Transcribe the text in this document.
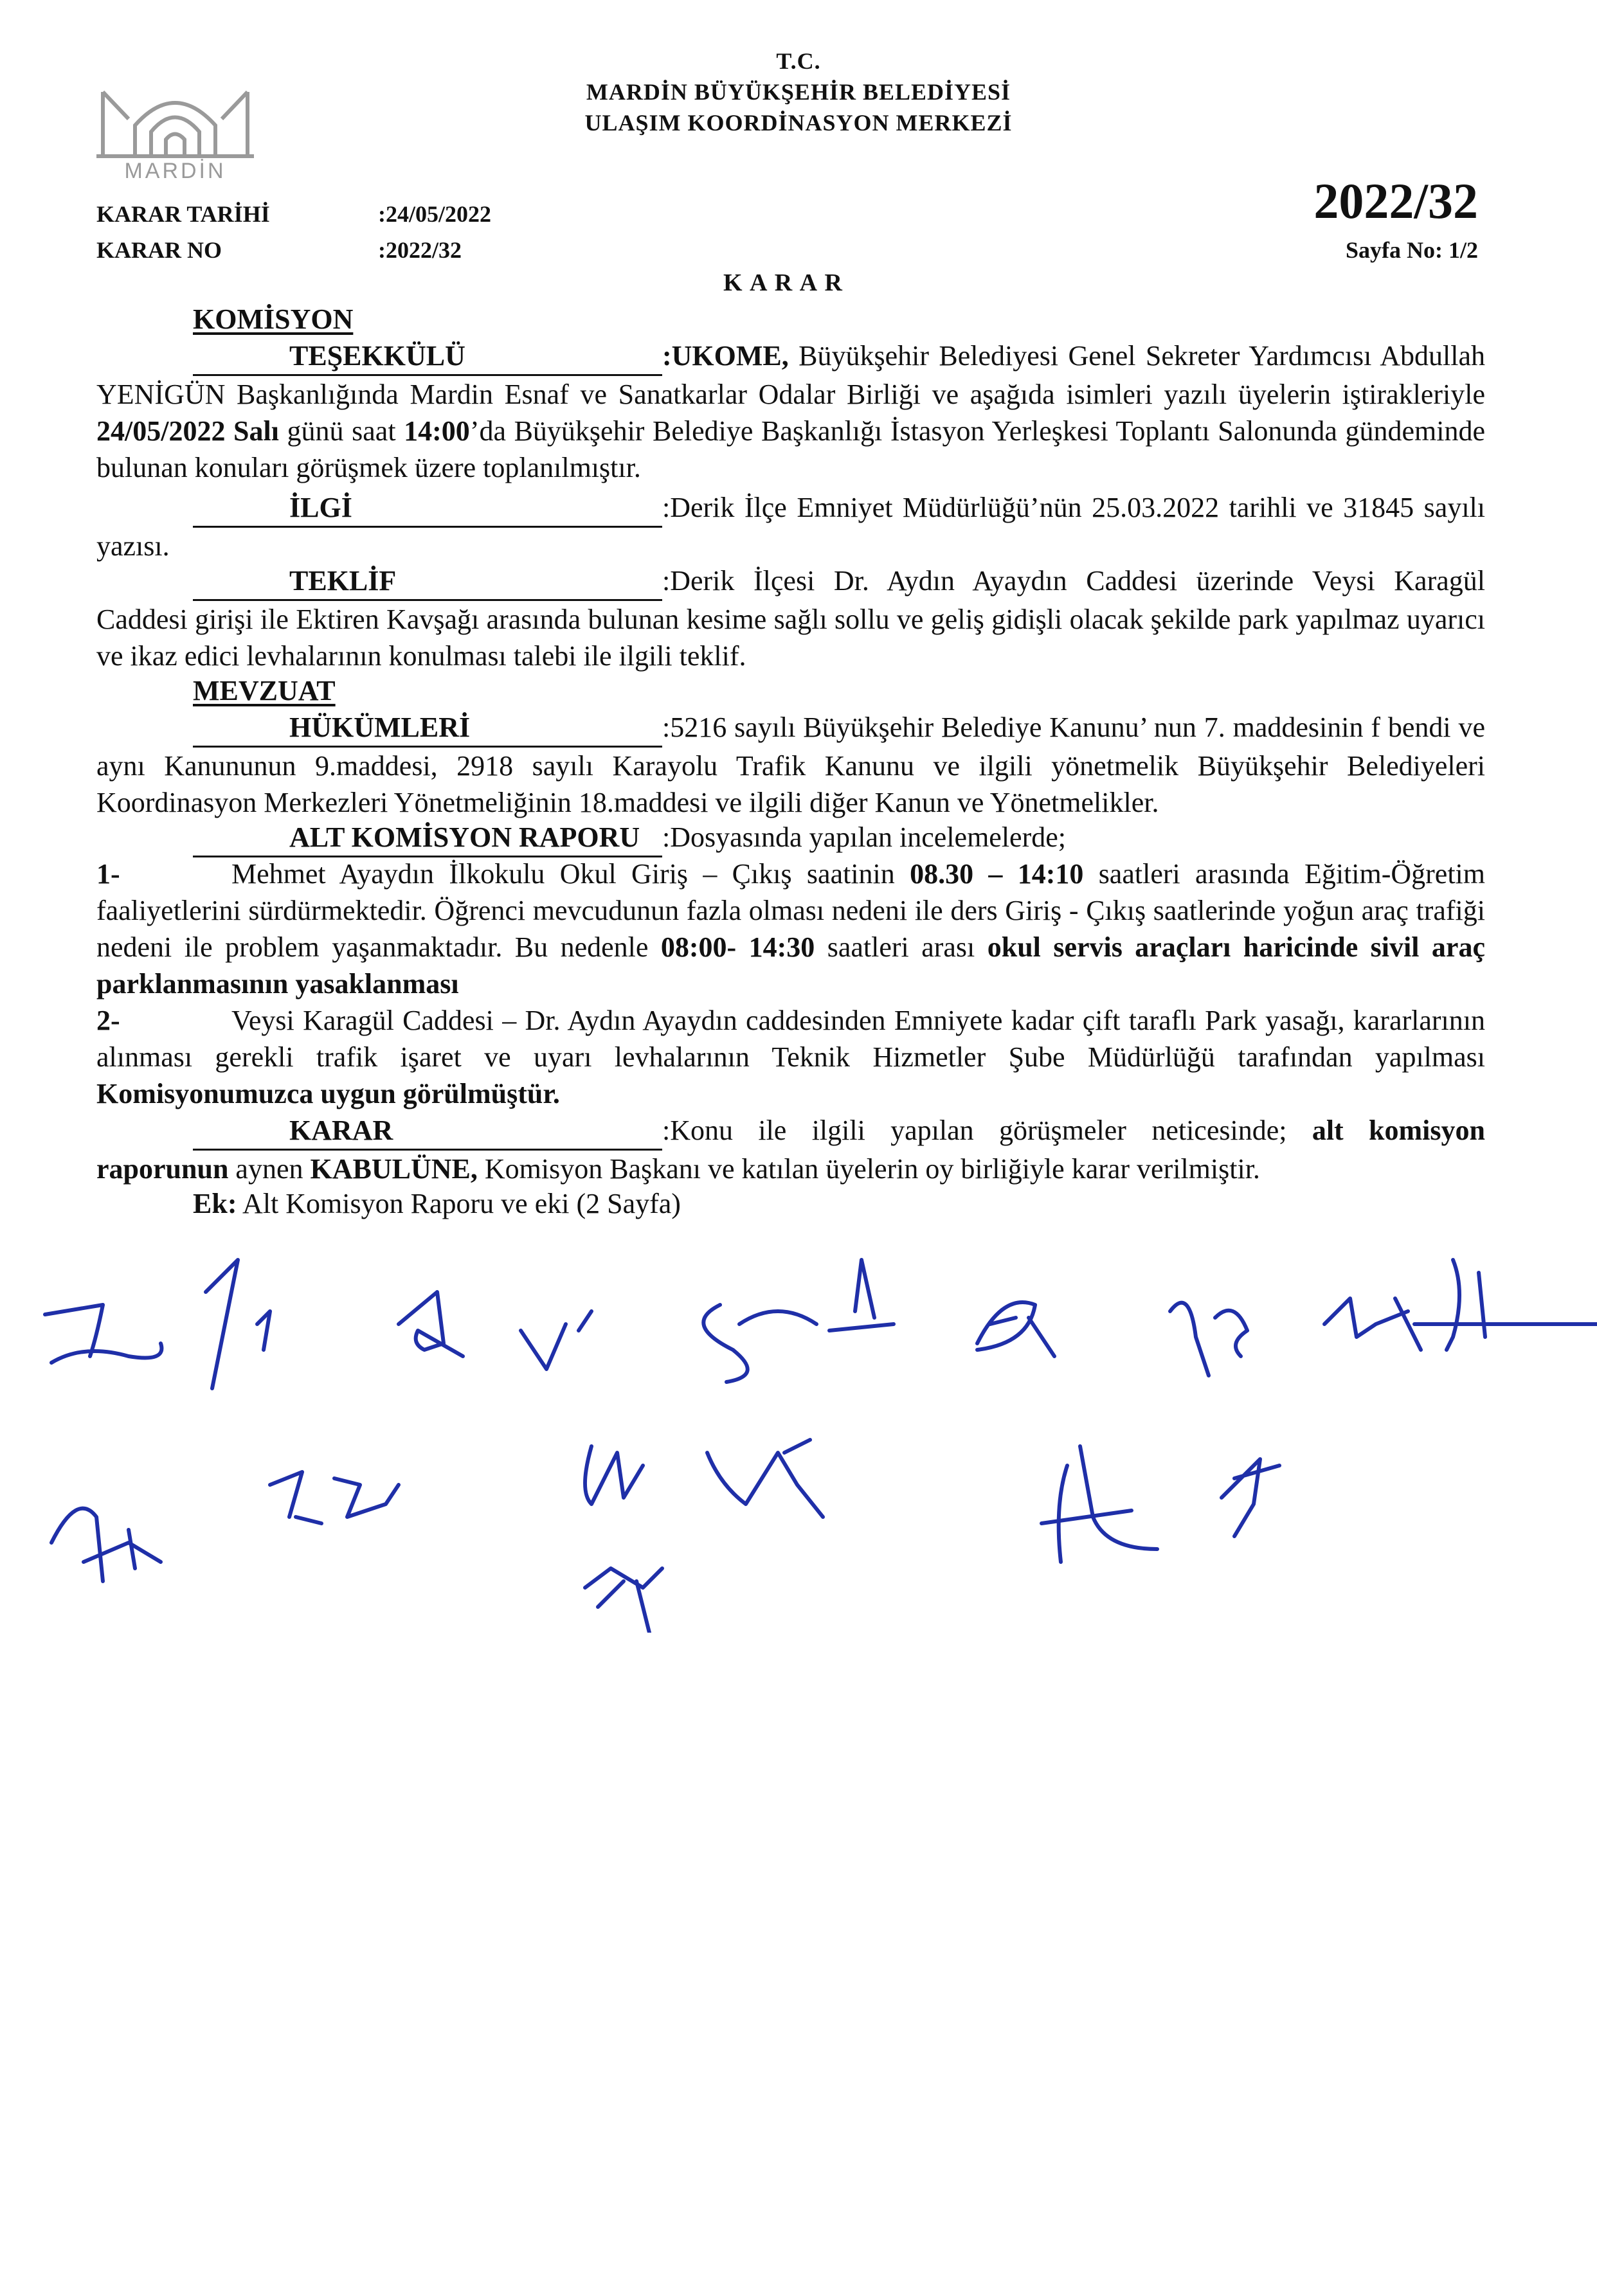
MARDİN
T.C.
MARDİN BÜYÜKŞEHİR BELEDİYESİ
ULAŞIM KOORDİNASYON MERKEZİ
KARAR TARİHİ	:24/05/2022
KARAR NO	:2022/32
2022/32
Sayfa No: 1/2
K A R A R
KOMİSYON
TEŞEKKÜLÜ	:UKOME, Büyükşehir Belediyesi Genel Sekreter Yardımcısı Abdullah YENİGÜN Başkanlığında Mardin Esnaf ve Sanatkarlar Odalar Birliği ve aşağıda isimleri yazılı üyelerin iştirakleriyle 24/05/2022 Salı günü saat 14:00’da Büyükşehir Belediye Başkanlığı İstasyon Yerleşkesi Toplantı Salonunda gündeminde bulunan konuları görüşmek üzere toplanılmıştır.
İLGİ	:Derik İlçe Emniyet Müdürlüğü’nün 25.03.2022 tarihli ve 31845 sayılı yazısı.
TEKLİF	:Derik İlçesi Dr. Aydın Ayaydın Caddesi üzerinde Veysi Karagül Caddesi girişi ile Ektiren Kavşağı arasında bulunan kesime sağlı sollu ve geliş gidişli olacak şekilde park yapılmaz uyarıcı ve ikaz edici levhalarının konulması talebi ile ilgili teklif.
MEVZUAT
HÜKÜMLERİ	:5216 sayılı Büyükşehir Belediye Kanunu’ nun 7. maddesinin f bendi ve aynı Kanununun 9.maddesi, 2918 sayılı Karayolu Trafik Kanunu ve ilgili yönetmelik Büyükşehir Belediyeleri Koordinasyon Merkezleri Yönetmeliğinin 18.maddesi ve ilgili diğer Kanun ve Yönetmelikler.
ALT KOMİSYON RAPORU :Dosyasında yapılan incelemelerde;
1-	Mehmet Ayaydın İlkokulu Okul Giriş – Çıkış saatinin 08.30 – 14:10 saatleri arasında Eğitim-Öğretim faaliyetlerini sürdürmektedir. Öğrenci mevcudunun fazla olması nedeni ile ders Giriş - Çıkış saatlerinde yoğun araç trafiği nedeni ile problem yaşanmaktadır. Bu nedenle 08:00- 14:30 saatleri arası okul servis araçları haricinde sivil araç parklanmasının yasaklanması
2-	Veysi Karagül Caddesi – Dr. Aydın Ayaydın caddesinden Emniyete kadar çift taraflı Park yasağı, kararlarının alınması gerekli trafik işaret ve uyarı levhalarının Teknik Hizmetler Şube Müdürlüğü tarafından yapılması Komisyonumuzca uygun görülmüştür.
KARAR	:Konu ile ilgili yapılan görüşmeler neticesinde; alt komisyon raporunun aynen KABULÜNE, Komisyon Başkanı ve katılan üyelerin oy birliğiyle karar verilmiştir.
Ek: Alt Komisyon Raporu ve eki (2 Sayfa)
